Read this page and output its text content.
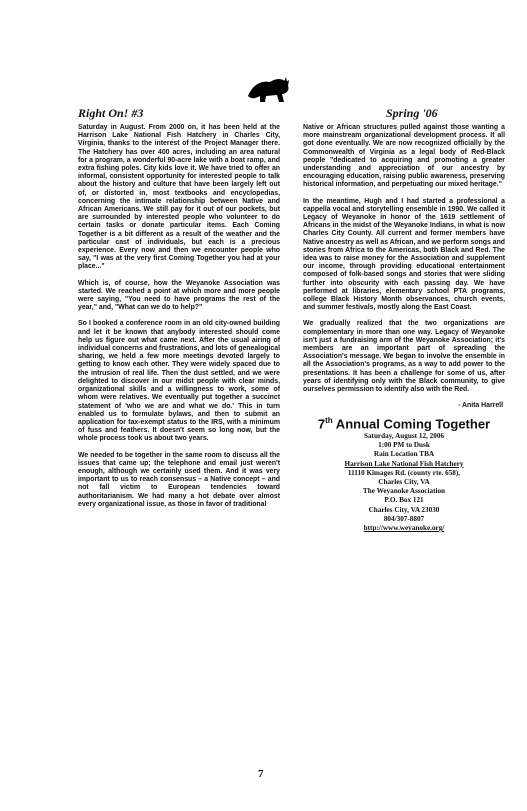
Right On! #3	Spring '06

Saturday in August. From 2000 on, it has been held at the Harrison Lake National Fish Hatchery in Charles City, Virginia, thanks to the interest of the Project Manager there. The Hatchery has over 400 acres, including an area natural for a program, a wonderful 90-acre lake with a boat ramp, and extra fishing poles. City kids love it. We have tried to offer an informal, consistent opportunity for interested people to talk about the history and culture that have been largely left out of, or distorted in, most textbooks and encyclopedias, concerning the intimate relationship between Native and African Americans. We still pay for it out of our pockets, but are surrounded by interested people who volunteer to do certain tasks or donate particular items. Each Coming Together is a bit different as a result of the weather and the particular cast of individuals, but each is a precious experience. Every now and then we encounter people who say, "I was at the very first Coming Together you had at your place..."

Which is, of course, how the Weyanoke Association was started. We reached a point at which more and more people were saying, "You need to have programs the rest of the year," and, "What can we do to help?"

So I booked a conference room in an old city-owned building and let it be known that anybody interested should come help us figure out what came next. After the usual airing of individual concerns and frustrations, and lots of genealogical sharing, we held a few more meetings devoted largely to getting to know each other. They were widely spaced due to the intrusion of real life. Then the dust settled, and we were delighted to discover in our midst people with clear minds, organizational skills and a willingness to work, some of whom were relatives. We eventually put together a succinct statement of 'who we are and what we do.' This in turn enabled us to formulate bylaws, and then to submit an application for tax-exempt status to the IRS, with a minimum of fuss and feathers. It doesn't seem so long now, but the whole process took us about two years.

We needed to be together in the same room to discuss all the issues that came up; the telephone and email just weren't enough, although we certainly used them. And it was very important to us to reach consensus – a Native concept – and not fall victim to European tendencies toward authoritarianism. We had many a hot debate over almost every organizational issue, as those in favor of traditional

Native or African structures pulled against those wanting a more mainstream organizational development process. It all got done eventually. We are now recognized officially by the Commonwealth of Virginia as a legal body of Red-Black people "dedicated to acquiring and promoting a greater understanding and appreciation of our ancestry by encouraging education, raising public awareness, preserving historical information, and perpetuating our mixed heritage."

In the meantime, Hugh and I had started a professional a cappella vocal and storytelling ensemble in 1990. We called it Legacy of Weyanoke in honor of the 1619 settlement of Africans in the midst of the Weyanoke Indians, in what is now Charles City County. All current and former members have Native ancestry as well as African, and we perform songs and stories from Africa to the Americas, both Black and Red. The idea was to raise money for the Association and supplement our income, through providing educational entertainment composed of folk-based songs and stories that were sliding further into obscurity with each passing day. We have performed at libraries, elementary school PTA programs, college Black History Month observances, church events, and summer festivals, mostly along the East Coast.

We gradually realized that the two organizations are complementary in more than one way. Legacy of Weyanoke isn't just a fundraising arm of the Weyanoke Association; it's members are an important part of spreading the Association's message. We began to involve the ensemble in all the Association's programs, as a way to add power to the presentations. It has been a challenge for some of us, after years of identifying only with the Black community, to give ourselves permission to identify also with the Red.

- Anita Harrell

7th Annual Coming Together
Saturday, August 12, 2006
1:00 PM to Dusk
Rain Location TBA
Harrison Lake National Fish Hatchery
11110 Kimages Rd. (county rte. 658),
Charles City, VA
The Weyanoke Association
P.O. Box 121
Charles City, VA 23030
804/307-8807
http://www.weyanoke.org/
7
